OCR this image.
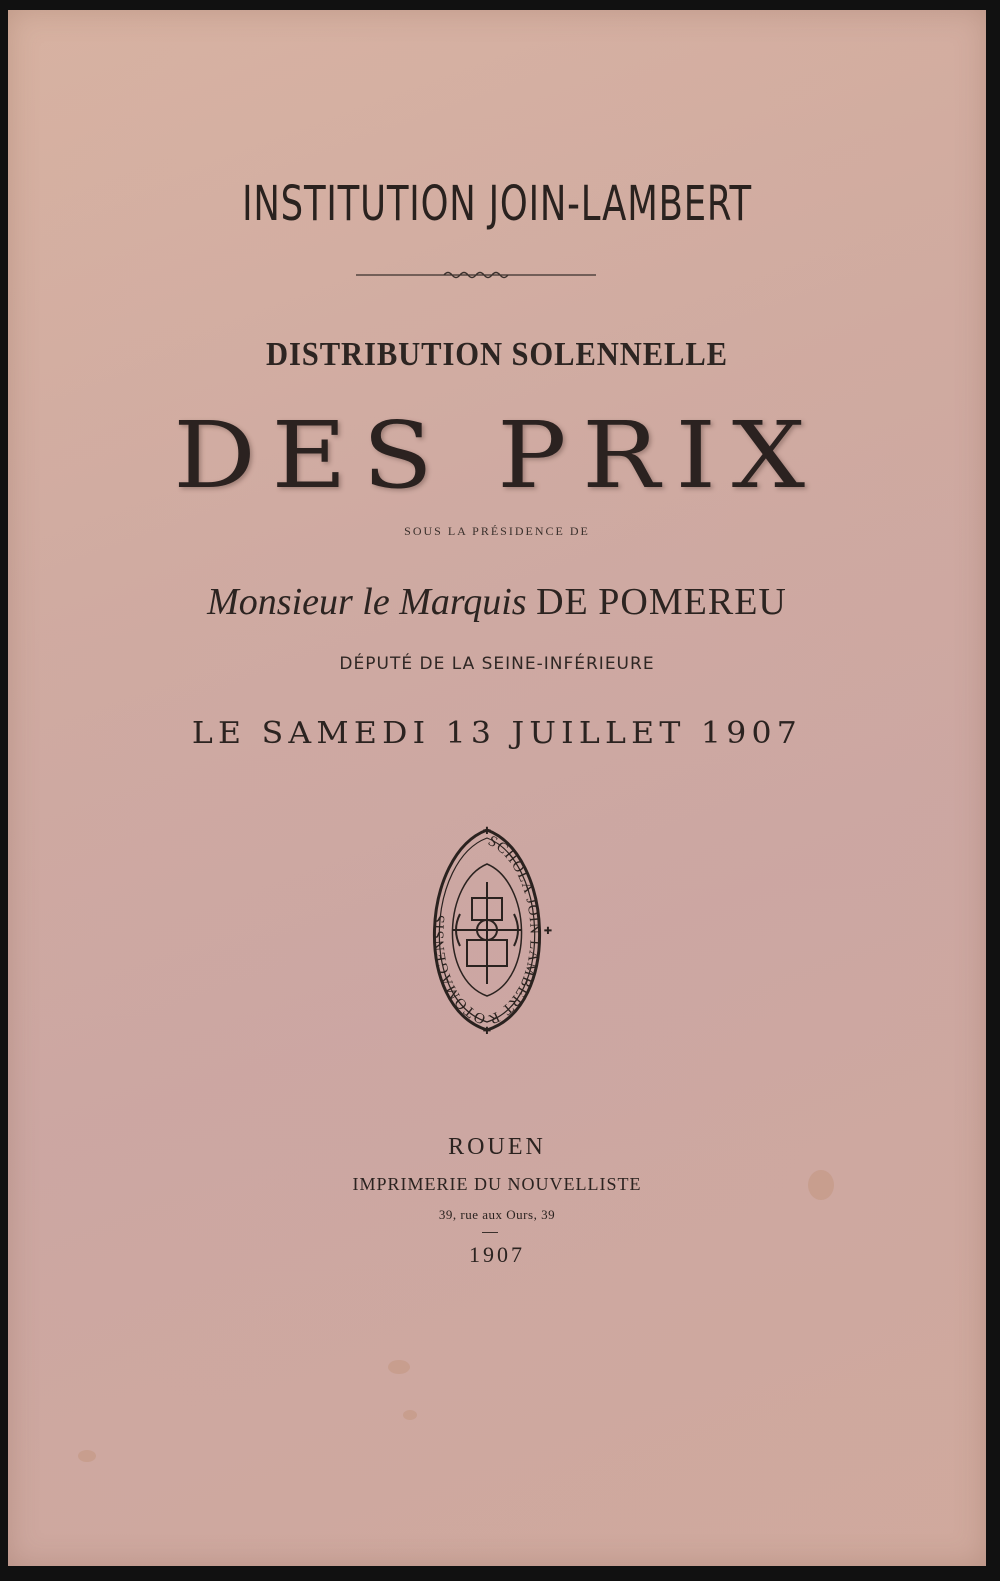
INSTITUTION JOIN-LAMBERT
DISTRIBUTION SOLENNELLE
DES PRIX
SOUS LA PRÉSIDENCE DE
Monsieur le Marquis DE POMEREU
DÉPUTÉ DE LA SEINE-INFÉRIEURE
LE SAMEDI 13 JUILLET 1907
SCHOLA JOIN LAMBERT ROTOMAGENSIS
✚
✚
✚
ROUEN
IMPRIMERIE DU NOUVELLISTE
39, rue aux Ours, 39
1907
